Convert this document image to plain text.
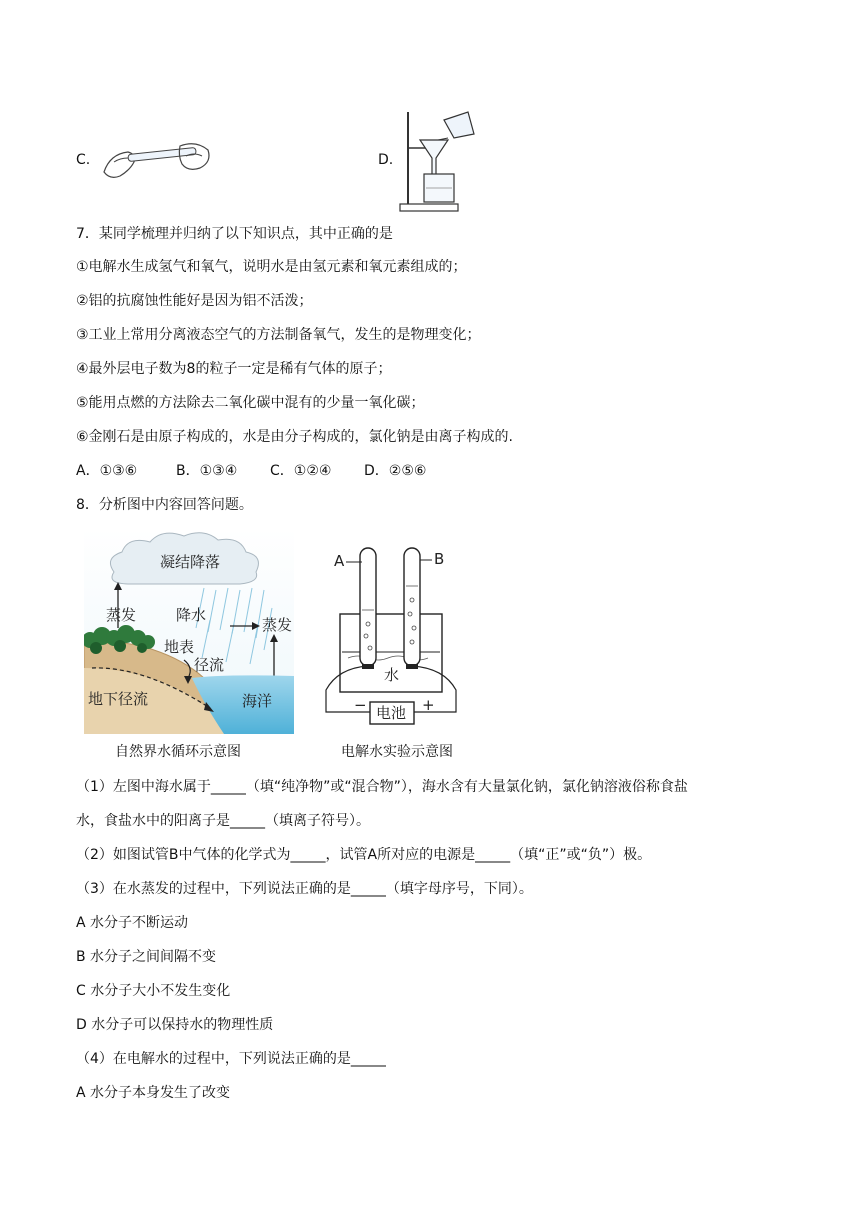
C.	D.
7．某同学梳理并归纳了以下知识点，其中正确的是
①电解水生成氢气和氧气，说明水是由氢元素和氧元素组成的；
②铝的抗腐蚀性能好是因为铝不活泼；
③工业上常用分离液态空气的方法制备氧气，发生的是物理变化；
④最外层电子数为8的粒子一定是稀有气体的原子；
⑤能用点燃的方法除去二氧化碳中混有的少量一氧化碳；
⑥金刚石是由原子构成的，水是由分子构成的，氯化钠是由离子构成的.
A．①③⑥	B．①③④ C．①②④ D．②⑤⑥
8．分析图中内容回答问题。
凝结降落
蒸发	降水
蒸发
地表
径流
地下径流	海洋
自然界水循环示意图
电池
−	+
A	B
水
电解水实验示意图
（1）左图中海水属于_____（填“纯净物”或“混合物”），海水含有大量氯化钠，氯化钠溶液俗称食盐
水，食盐水中的阳离子是_____（填离子符号）。
（2）如图试管B中气体的化学式为_____，试管A所对应的电源是_____（填“正”或“负”）极。
（3）在水蒸发的过程中，下列说法正确的是_____（填字母序号，下同）。
A 水分子不断运动
B 水分子之间间隔不变
C 水分子大小不发生变化
D 水分子可以保持水的物理性质
（4）在电解水的过程中，下列说法正确的是_____
A 水分子本身发生了改变
